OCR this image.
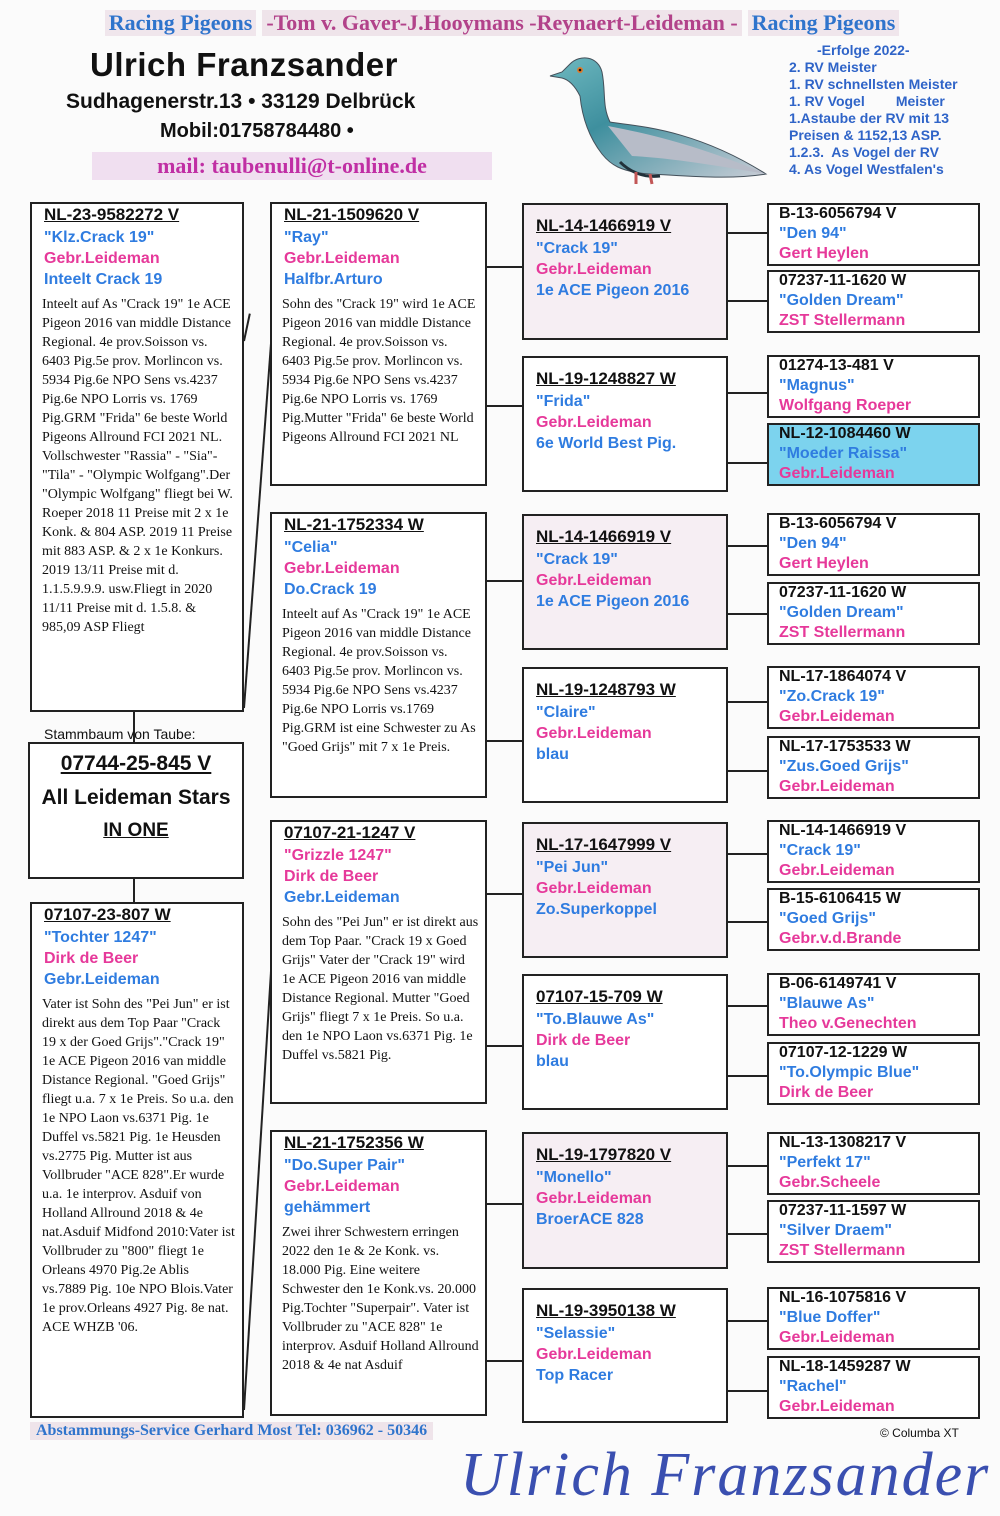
Racing Pigeons -Tom v. Gaver-J.Hooymans -Reynaert-Leideman - Racing Pigeons
Ulrich Franzsander
Sudhagenerstr.13 • 33129 Delbrück
Mobil:01758784480 •
mail: taubenulli@t-online.de
-Erfolge 2022-
2. RV Meister
1. RV schnellsten Meister
1. RV Vogel        Meister
1.Astaube der RV mit 13
Preisen & 1152,13 ASP.
1.2.3.  As Vogel der RV
4. As Vogel Westfalen's
NL-23-9582272 V
"Klz.Crack 19"
Gebr.Leideman
Inteelt Crack 19
Inteelt auf As "Crack 19" 1e ACE Pigeon 2016 van middle Distance Regional. 4e prov.Soisson vs. 6403 Pig.5e prov. Morlincon vs. 5934 Pig.6e NPO Sens vs.4237 Pig.6e NPO Lorris vs. 1769 Pig.GRM "Frida" 6e beste World Pigeons Allround FCI 2021 NL. Vollschwester "Rassia" - "Sia"- "Tila" - "Olympic Wolfgang".Der "Olympic Wolfgang" fliegt bei W. Roeper 2018 11 Preise mit 2 x 1e Konk. & 804 ASP. 2019 11 Preise mit 883 ASP. & 2 x 1e Konkurs. 2019 13/11 Preise mit d. 1.1.5.9.9.9. usw.Fliegt in 2020 11/11 Preise mit d. 1.5.8. & 985,09 ASP Fliegt
Stammbaum von Taube:
07744-25-845 V
All Leideman Stars
IN ONE
07107-23-807 W
"Tochter 1247"
Dirk de Beer
Gebr.Leideman
Vater ist Sohn des "Pei Jun" er ist direkt aus dem Top Paar "Crack 19 x der Goed Grijs"."Crack 19" 1e ACE Pigeon 2016 van middle Distance Regional. "Goed Grijs" fliegt u.a. 7 x 1e Preis. So u.a. den 1e NPO Laon vs.6371 Pig. 1e Duffel vs.5821 Pig. 1e Heusden vs.2775 Pig. Mutter ist aus Vollbruder "ACE 828".Er wurde u.a. 1e interprov. Asduif von Holland Allround 2018 & 4e nat.Asduif Midfond 2010:Vater ist Vollbruder zu "800" fliegt 1e Orleans 4970 Pig.2e Ablis vs.7889 Pig. 10e NPO Blois.Vater 1e prov.Orleans 4927 Pig. 8e nat. ACE WHZB '06.
NL-21-1509620 V
"Ray"
Gebr.Leideman
Halfbr.Arturo
Sohn des "Crack 19" wird 1e ACE Pigeon 2016 van middle Distance Regional. 4e prov.Soisson vs. 6403 Pig.5e prov. Morlincon vs. 5934 Pig.6e NPO Sens vs.4237 Pig.6e NPO Lorris vs. 1769 Pig.Mutter "Frida" 6e beste World Pigeons Allround FCI 2021 NL
NL-21-1752334 W
"Celia"
Gebr.Leideman
Do.Crack 19
Inteelt auf As "Crack 19" 1e ACE Pigeon 2016 van middle Distance Regional. 4e prov.Soisson vs. 6403 Pig.5e prov. Morlincon vs. 5934 Pig.6e NPO Sens vs.4237 Pig.6e NPO Lorris vs.1769 Pig.GRM ist eine Schwester zu As "Goed Grijs" mit 7 x 1e Preis.
07107-21-1247 V
"Grizzle 1247"
Dirk de Beer
Gebr.Leideman
Sohn des "Pei Jun" er ist direkt aus dem Top Paar. "Crack 19 x Goed Grijs" Vater der "Crack 19" wird 1e ACE Pigeon 2016 van middle Distance Regional. Mutter "Goed Grijs" fliegt 7 x 1e Preis. So u.a. den 1e NPO Laon vs.6371 Pig. 1e Duffel vs.5821 Pig.
NL-21-1752356 W
"Do.Super Pair"
Gebr.Leideman
gehämmert
Zwei ihrer Schwestern erringen 2022 den 1e & 2e Konk. vs. 18.000 Pig. Eine weitere Schwester den 1e Konk.vs. 20.000 Pig.Tochter "Superpair". Vater ist Vollbruder zu "ACE 828" 1e interprov. Asduif Holland Allround 2018 & 4e nat Asduif
NL-14-1466919 V
"Crack 19"
Gebr.Leideman
1e ACE Pigeon 2016
NL-19-1248827 W
"Frida"
Gebr.Leideman
6e World Best Pig.
NL-14-1466919 V
"Crack 19"
Gebr.Leideman
1e ACE Pigeon 2016
NL-19-1248793 W
"Claire"
Gebr.Leideman
blau
NL-17-1647999 V
"Pei Jun"
Gebr.Leideman
Zo.Superkoppel
07107-15-709 W
"To.Blauwe As"
Dirk de Beer
blau
NL-19-1797820 V
"Monello"
Gebr.Leideman
BroerACE 828
NL-19-3950138 W
"Selassie"
Gebr.Leideman
Top Racer
B-13-6056794 V
"Den 94"
Gert Heylen
07237-11-1620 W
"Golden Dream"
ZST Stellermann
01274-13-481 V
"Magnus"
Wolfgang Roeper
NL-12-1084460 W
"Moeder Raissa"
Gebr.Leideman
B-13-6056794 V
"Den 94"
Gert Heylen
07237-11-1620 W
"Golden Dream"
ZST Stellermann
NL-17-1864074 V
"Zo.Crack 19"
Gebr.Leideman
NL-17-1753533 W
"Zus.Goed Grijs"
Gebr.Leideman
NL-14-1466919 V
"Crack 19"
Gebr.Leideman
B-15-6106415 W
"Goed Grijs"
Gebr.v.d.Brande
B-06-6149741 V
"Blauwe As"
Theo v.Genechten
07107-12-1229 W
"To.Olympic Blue"
Dirk de Beer
NL-13-1308217 V
"Perfekt 17"
Gebr.Scheele
07237-11-1597 W
"Silver Draem"
ZST Stellermann
NL-16-1075816 V
"Blue Doffer"
Gebr.Leideman
NL-18-1459287 W
"Rachel"
Gebr.Leideman
Abstammungs-Service Gerhard Most Tel: 036962 - 50346	© Columba XT
Ulrich Franzsander
